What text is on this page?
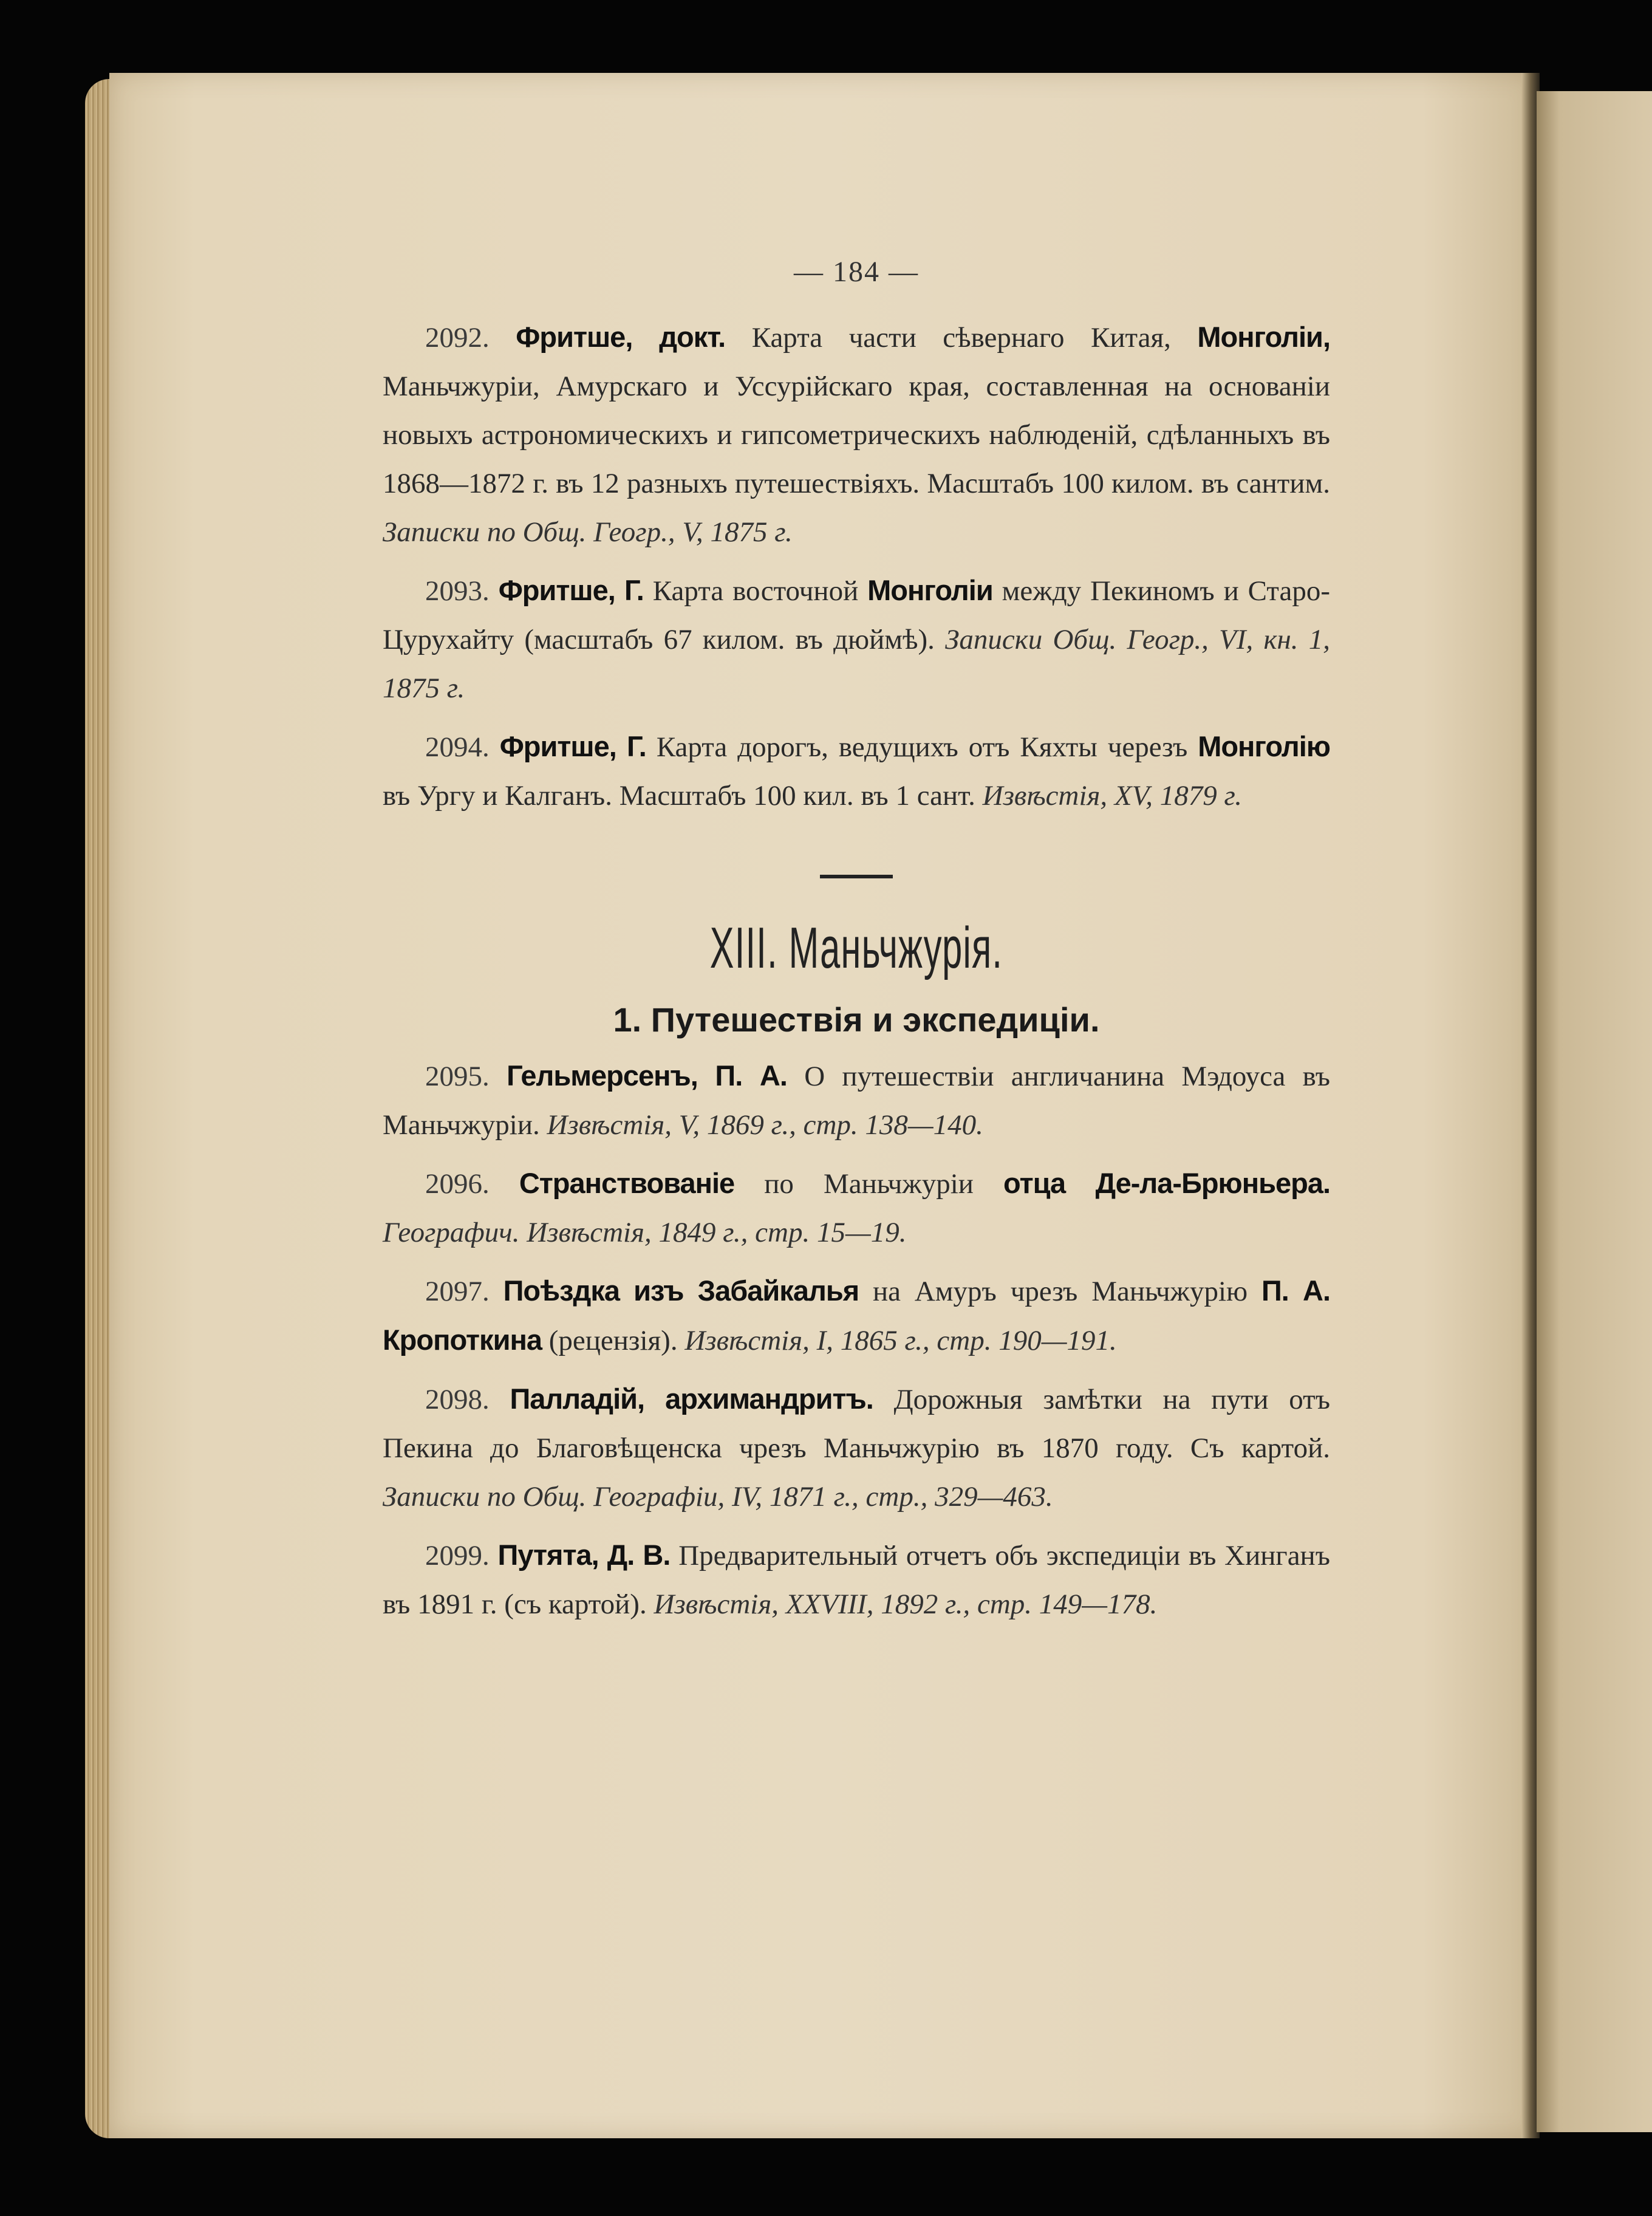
— 184 —

2092. Фритше, докт. Карта части сѣвернаго Китая, Монголіи, Маньчжуріи, Амурскаго и Уссурійскаго края, составленная на основаніи новыхъ астрономическихъ и гипсометрическихъ наблюденій, сдѣланныхъ въ 1868—1872 г. въ 12 разныхъ путешествіяхъ. Масштабъ 100 килом. въ сантим. Записки по Общ. Геогр., V, 1875 г.

2093. Фритше, Г. Карта восточной Монголіи между Пекиномъ и Старо-Цурухайту (масштабъ 67 килом. въ дюймѣ). Записки Общ. Геогр., VI, кн. 1, 1875 г.

2094. Фритше, Г. Карта дорогъ, ведущихъ отъ Кяхты черезъ Монголію въ Ургу и Калганъ. Масштабъ 100 кил. въ 1 сант. Извѣстія, XV, 1879 г.

XIII. Маньчжурія.
1. Путешествія и экспедиціи.

2095. Гельмерсенъ, П. А. О путешествіи англичанина Мэдоуса въ Маньчжуріи. Извѣстія, V, 1869 г., стр. 138—140.

2096. Странствованіе по Маньчжуріи отца Де-ла-Брюньера. Географич. Извѣстія, 1849 г., стр. 15—19.

2097. Поѣздка изъ Забайкалья на Амуръ чрезъ Маньчжурію П. А. Кропоткина (рецензія). Извѣстія, I, 1865 г., стр. 190—191.

2098. Палладій, архимандритъ. Дорожныя замѣтки на пути отъ Пекина до Благовѣщенска чрезъ Маньчжурію въ 1870 году. Съ картой. Записки по Общ. Географіи, IV, 1871 г., стр., 329—463.

2099. Путята, Д. В. Предварительный отчетъ объ экспедиціи въ Хинганъ въ 1891 г. (съ картой). Извѣстія, XXVIII, 1892 г., стр. 149—178.
